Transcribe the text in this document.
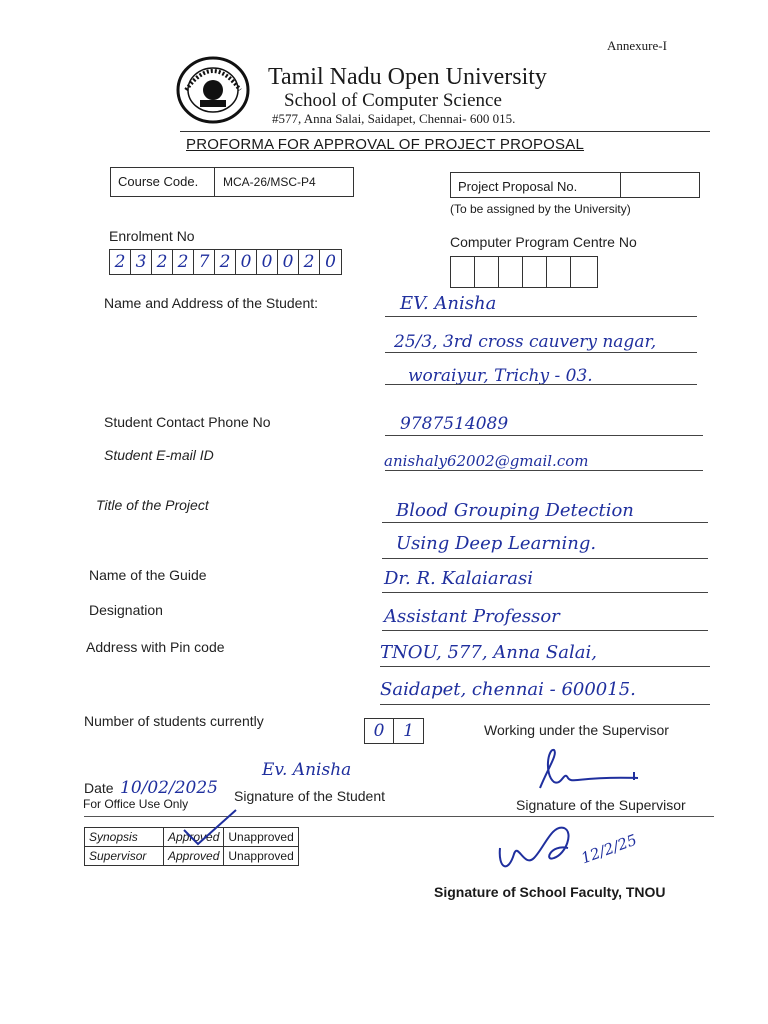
Annexure-I
Tamil Nadu Open University
School of Computer Science
#577, Anna Salai, Saidapet, Chennai- 600 015.
PROFORMA FOR APPROVAL OF PROJECT PROPOSAL
Course Code. MCA-26/MSC-P4	Project Proposal No.
(To be assigned by the University)
Enrolment No
2 3 2 2 7 2 0 0 0 2 0
Computer Program Centre No
Name and Address of the Student:	EV. Anisha
25/3, 3rd cross cauvery nagar,
woraiyur, Trichy - 03.
Student Contact Phone No	9787514089
Student E-mail ID	anishaly62002@gmail.com
Title of the Project	Blood Grouping Detection
Using Deep Learning.
Name of the Guide	Dr. R. Kalaiarasi
Designation	Assistant Professor
Address with Pin code	TNOU, 577, Anna Salai,
Saidapet, chennai - 600015.
Number of students currently	0	1	Working under the Supervisor
Ev. Anisha
Date 10/02/2025 Signature of the Student
For Office Use Only	Signature of the Supervisor
Synopsis	Approved	Unapproved
Supervisor	Approved	Unapproved	12/2/25
Signature of School Faculty, TNOU
